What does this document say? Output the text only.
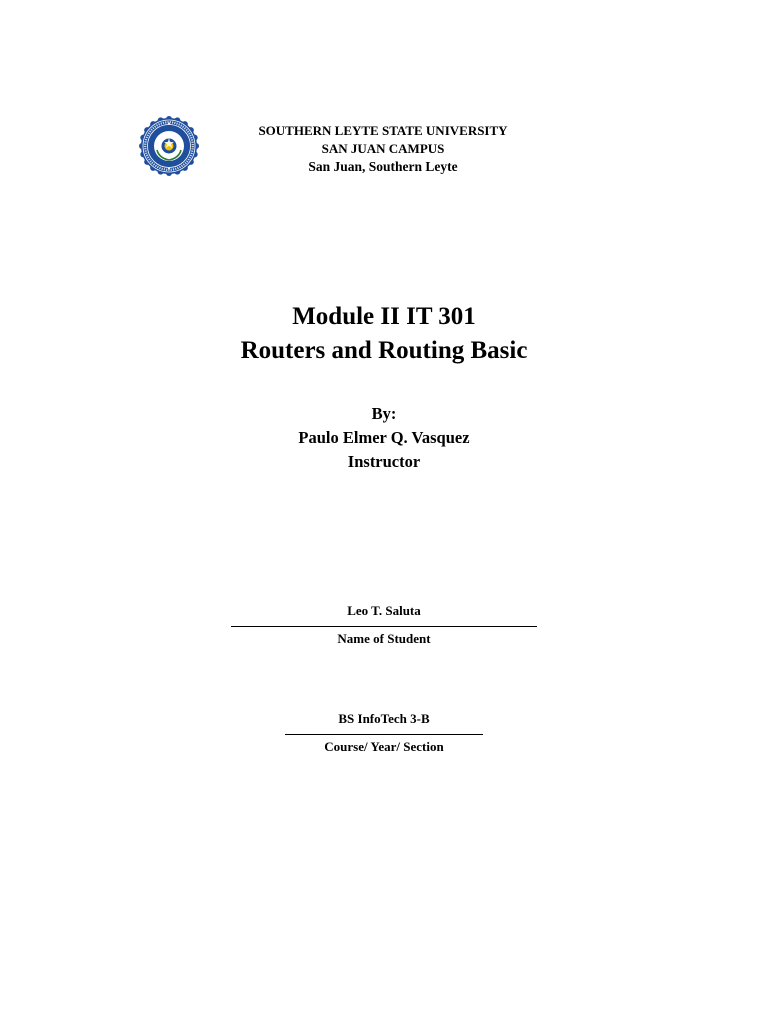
SOUTHERN LEYTE STATE UNIVERSITY
SAN JUAN CAMPUS
San Juan, Southern Leyte
Module II IT 301
Routers and Routing Basic
By:
Paulo Elmer Q. Vasquez
Instructor
Leo T. Saluta
Name of Student
BS InfoTech 3-B
Course/ Year/ Section
